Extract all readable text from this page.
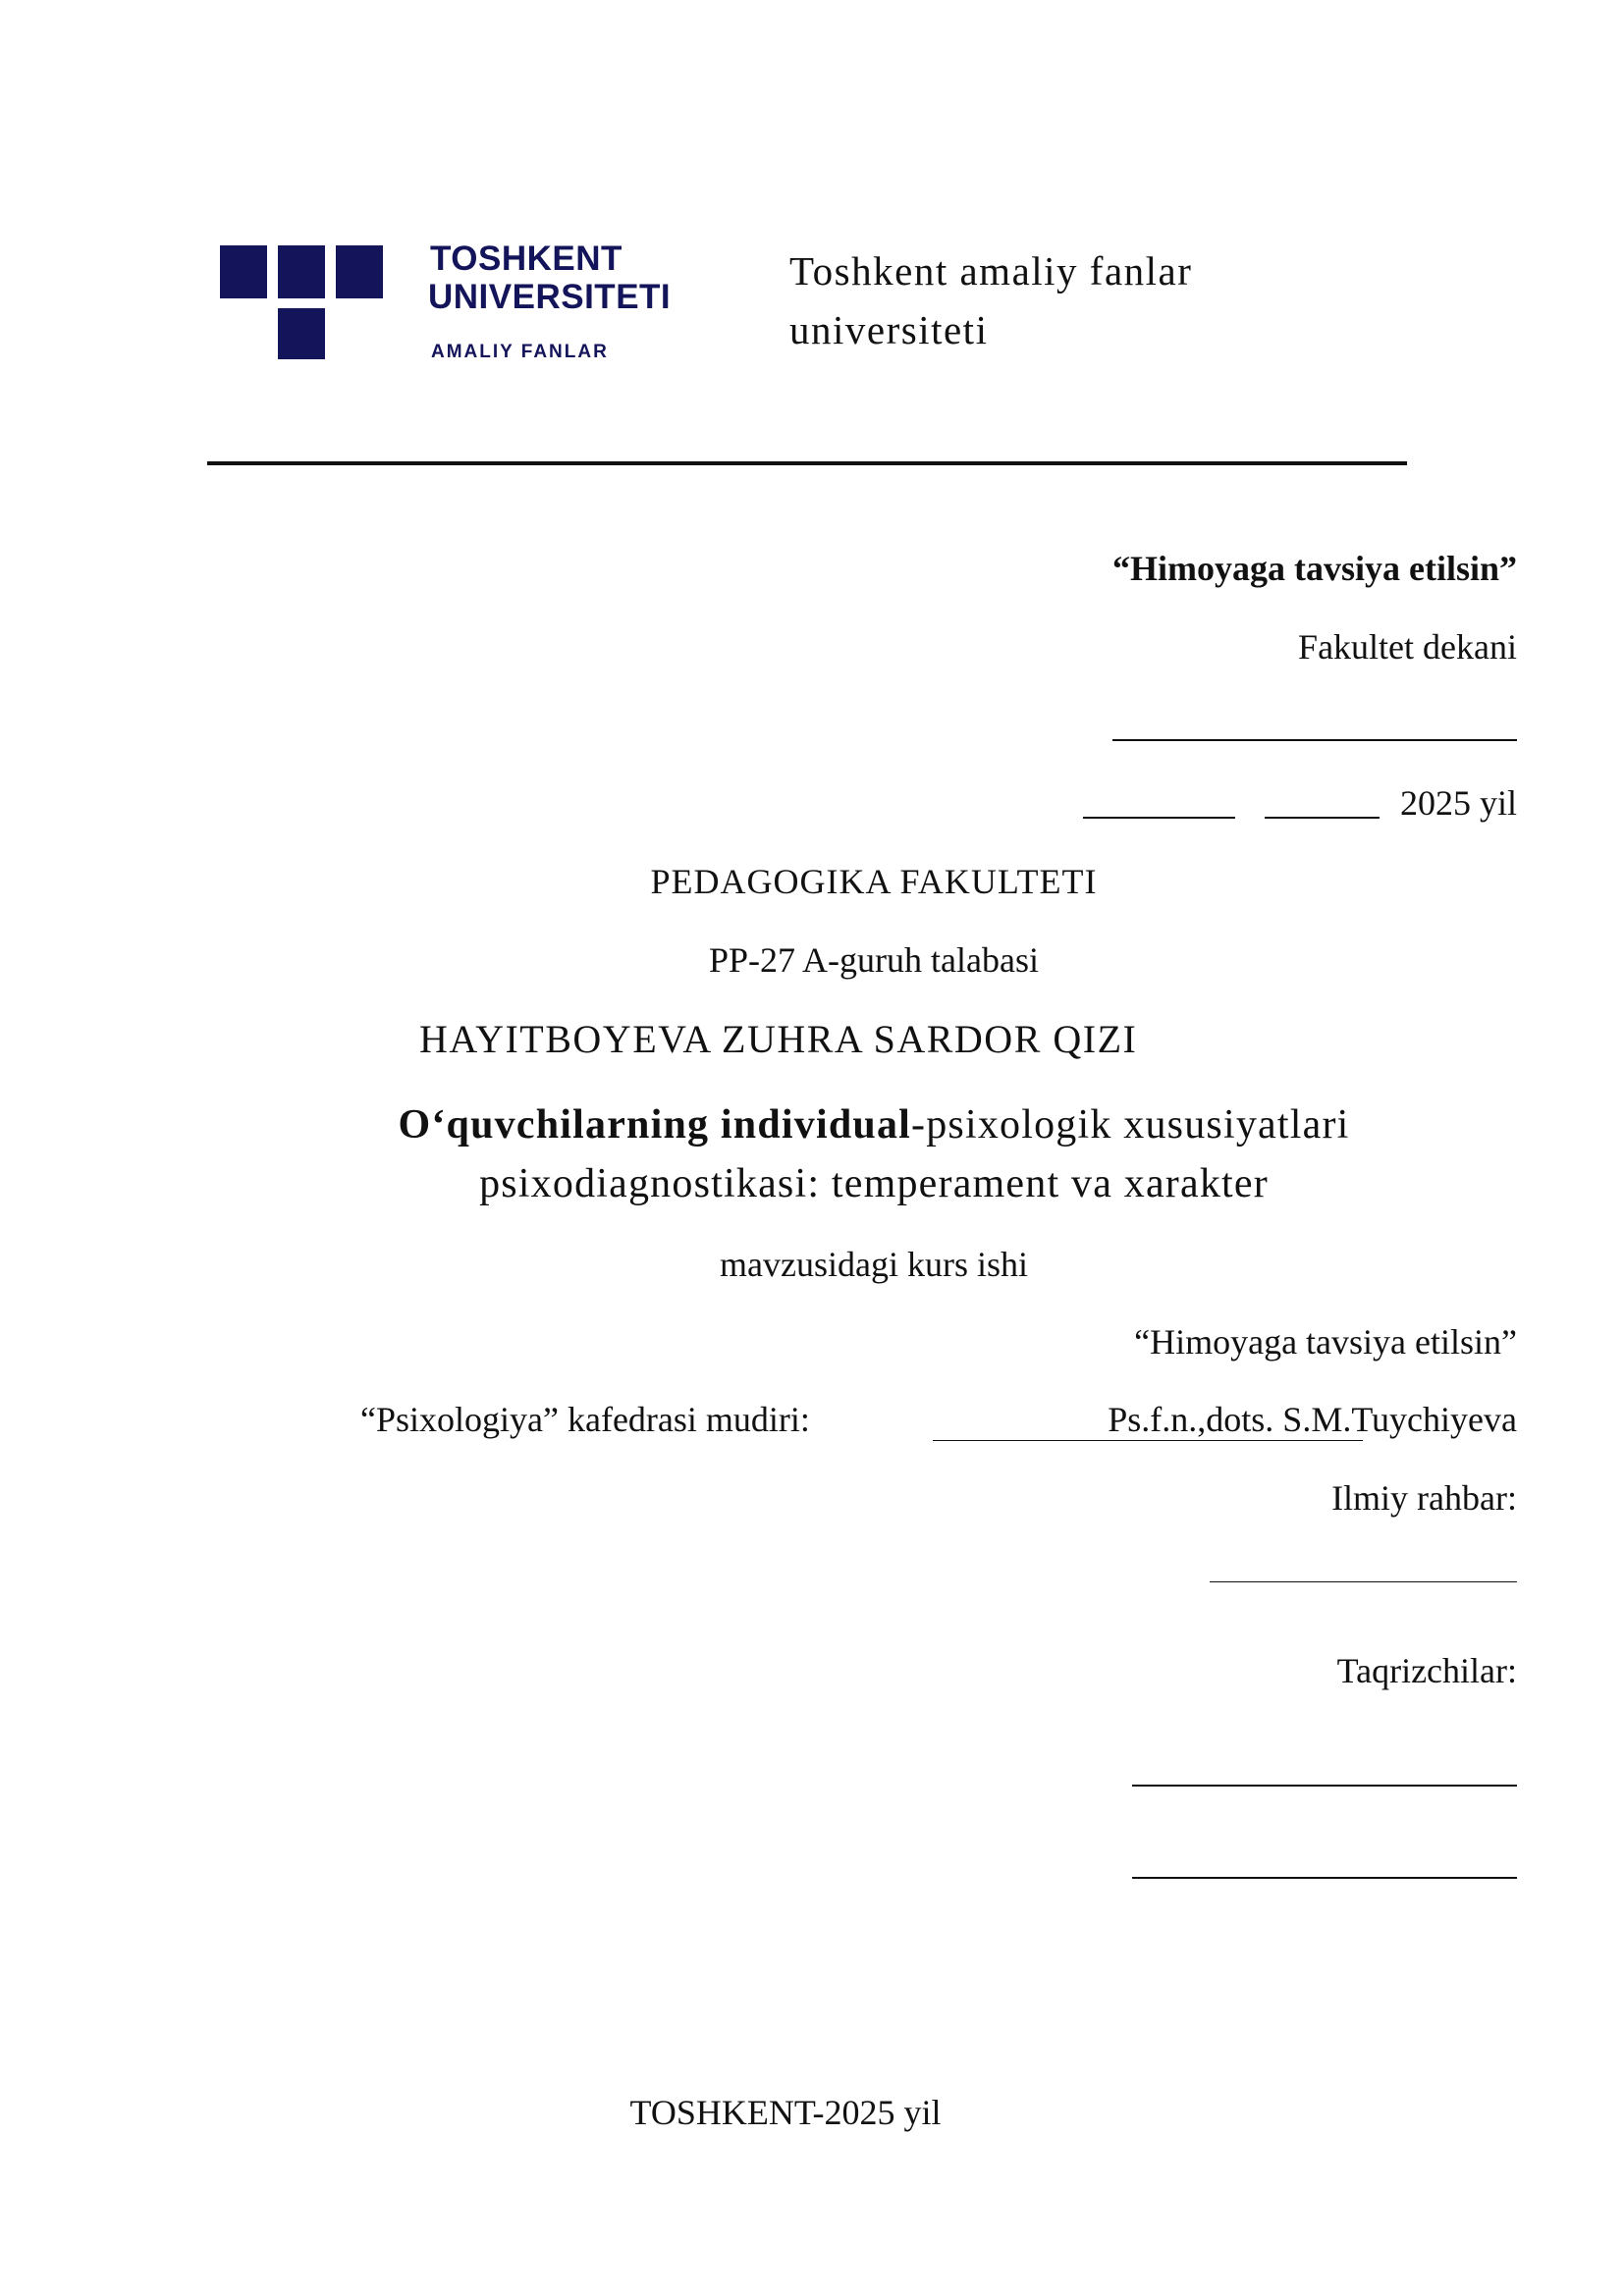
TOSHKENT
UNIVERSITETI
AMALIY FANLAR
Toshkent amaliy fanlar
universiteti
“Himoyaga tavsiya etilsin”
Fakultet dekani
2025 yil
PEDAGOGIKA FAKULTETI
PP-27 A-guruh talabasi
HAYITBOYEVA ZUHRA SARDOR QIZI
O‘quvchilarning individual-psixologik xususiyatlari
psixodiagnostikasi: temperament va xarakter
mavzusidagi kurs ishi
“Himoyaga tavsiya etilsin”
“Psixologiya” kafedrasi mudiri:	Ps.f.n.,dots. S.M.Tuychiyeva
Ilmiy rahbar:
Taqrizchilar:
TOSHKENT-2025 yil
